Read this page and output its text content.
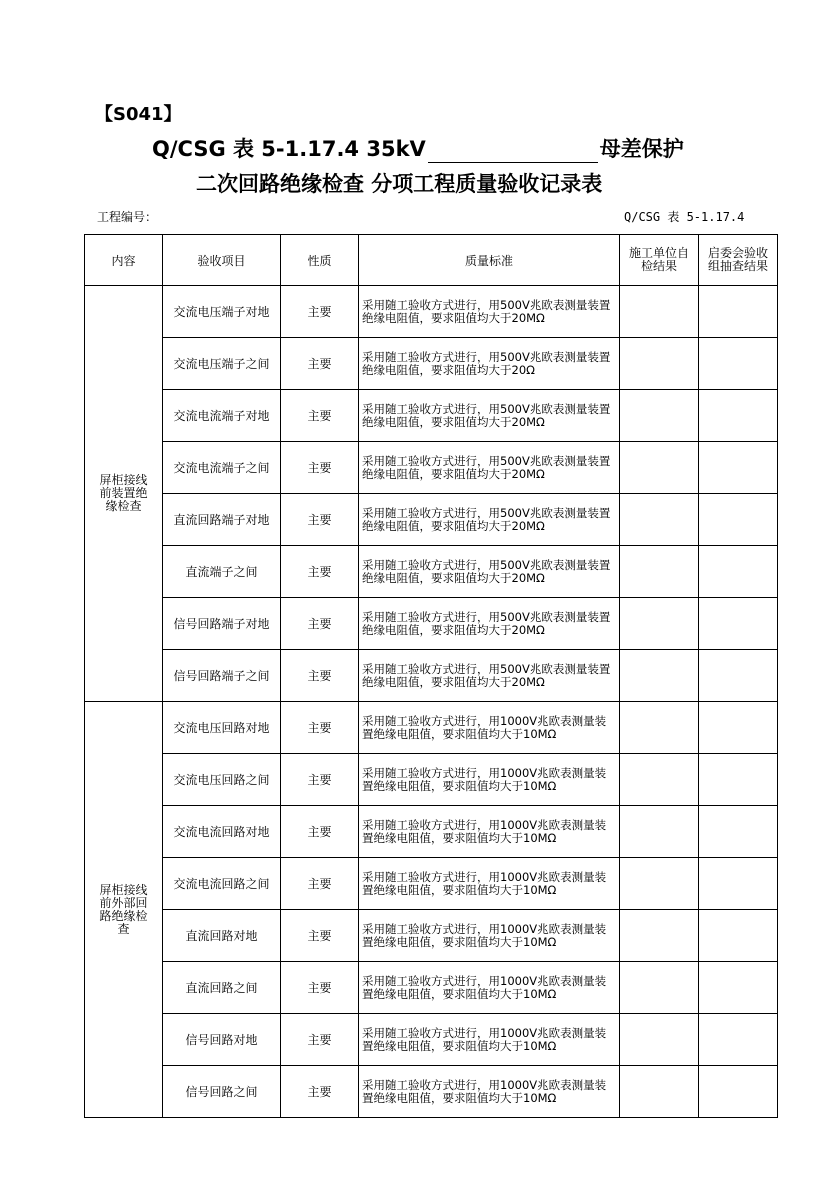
【S041】
Q/CSG 表 5-1.17.4 35kV	母差保护
二次回路绝缘检查 分项工程质量验收记录表
工程编号：	Q/CSG 表 5-1.17.4
内容	验收项目	性质	质量标准	施工单位自检结果	启委会验收组抽查结果
屏柜接线前装置绝缘检查	交流电压端子对地	主要	采用随工验收方式进行，用500V兆欧表测量装置绝缘电阻值，要求阻值均大于20MΩ		
	交流电压端子之间	主要	采用随工验收方式进行，用500V兆欧表测量装置绝缘电阻值，要求阻值均大于20Ω		
	交流电流端子对地	主要	采用随工验收方式进行，用500V兆欧表测量装置绝缘电阻值，要求阻值均大于20MΩ		
	交流电流端子之间	主要	采用随工验收方式进行，用500V兆欧表测量装置绝缘电阻值，要求阻值均大于20MΩ		
	直流回路端子对地	主要	采用随工验收方式进行，用500V兆欧表测量装置绝缘电阻值，要求阻值均大于20MΩ		
	直流端子之间	主要	采用随工验收方式进行，用500V兆欧表测量装置绝缘电阻值，要求阻值均大于20MΩ		
	信号回路端子对地	主要	采用随工验收方式进行，用500V兆欧表测量装置绝缘电阻值，要求阻值均大于20MΩ		
	信号回路端子之间	主要	采用随工验收方式进行，用500V兆欧表测量装置绝缘电阻值，要求阻值均大于20MΩ		
屏柜接线前外部回路绝缘检查	交流电压回路对地	主要	采用随工验收方式进行，用1000V兆欧表测量装置绝缘电阻值，要求阻值均大于10MΩ		
	交流电压回路之间	主要	采用随工验收方式进行，用1000V兆欧表测量装置绝缘电阻值，要求阻值均大于10MΩ		
	交流电流回路对地	主要	采用随工验收方式进行，用1000V兆欧表测量装置绝缘电阻值，要求阻值均大于10MΩ		
	交流电流回路之间	主要	采用随工验收方式进行，用1000V兆欧表测量装置绝缘电阻值，要求阻值均大于10MΩ		
	直流回路对地	主要	采用随工验收方式进行，用1000V兆欧表测量装置绝缘电阻值，要求阻值均大于10MΩ		
	直流回路之间	主要	采用随工验收方式进行，用1000V兆欧表测量装置绝缘电阻值，要求阻值均大于10MΩ		
	信号回路对地	主要	采用随工验收方式进行，用1000V兆欧表测量装置绝缘电阻值，要求阻值均大于10MΩ		
	信号回路之间	主要	采用随工验收方式进行，用1000V兆欧表测量装置绝缘电阻值，要求阻值均大于10MΩ		
